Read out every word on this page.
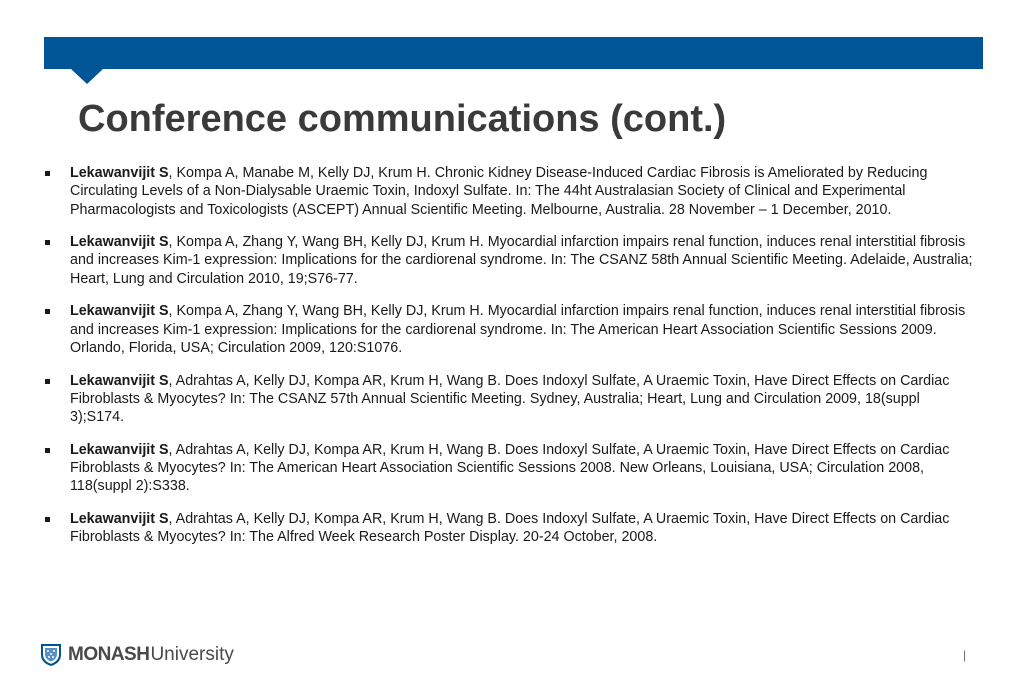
Conference communications (cont.)
Lekawanvijit S, Kompa A, Manabe M, Kelly DJ, Krum H. Chronic Kidney Disease-Induced Cardiac Fibrosis is Ameliorated by Reducing Circulating Levels of a Non-Dialysable Uraemic Toxin, Indoxyl Sulfate. In: The 44ht Australasian Society of Clinical and Experimental Pharmacologists and Toxicologists (ASCEPT) Annual Scientific Meeting. Melbourne, Australia. 28 November – 1 December, 2010.
Lekawanvijit S, Kompa A, Zhang Y, Wang BH, Kelly DJ, Krum H. Myocardial infarction impairs renal function, induces renal interstitial fibrosis and increases Kim-1 expression: Implications for the cardiorenal syndrome. In: The CSANZ 58th Annual Scientific Meeting. Adelaide, Australia; Heart, Lung and Circulation 2010, 19;S76-77.
Lekawanvijit S, Kompa A, Zhang Y, Wang BH, Kelly DJ, Krum H. Myocardial infarction impairs renal function, induces renal interstitial fibrosis and increases Kim-1 expression: Implications for the cardiorenal syndrome. In: The American Heart Association Scientific Sessions 2009. Orlando, Florida, USA; Circulation 2009, 120:S1076.
Lekawanvijit S, Adrahtas A, Kelly DJ, Kompa AR, Krum H, Wang B. Does Indoxyl Sulfate, A Uraemic Toxin, Have Direct Effects on Cardiac Fibroblasts & Myocytes? In: The CSANZ 57th Annual Scientific Meeting. Sydney, Australia; Heart, Lung and Circulation 2009, 18(suppl 3);S174.
Lekawanvijit S, Adrahtas A, Kelly DJ, Kompa AR, Krum H, Wang B. Does Indoxyl Sulfate, A Uraemic Toxin, Have Direct Effects on Cardiac Fibroblasts & Myocytes? In: The American Heart Association Scientific Sessions 2008. New Orleans, Louisiana, USA; Circulation 2008, 118(suppl 2):S338.
Lekawanvijit S, Adrahtas A, Kelly DJ, Kompa AR, Krum H, Wang B. Does Indoxyl Sulfate, A Uraemic Toxin, Have Direct Effects on Cardiac Fibroblasts & Myocytes? In: The Alfred Week Research Poster Display. 20-24 October, 2008.
MONASH University	|
